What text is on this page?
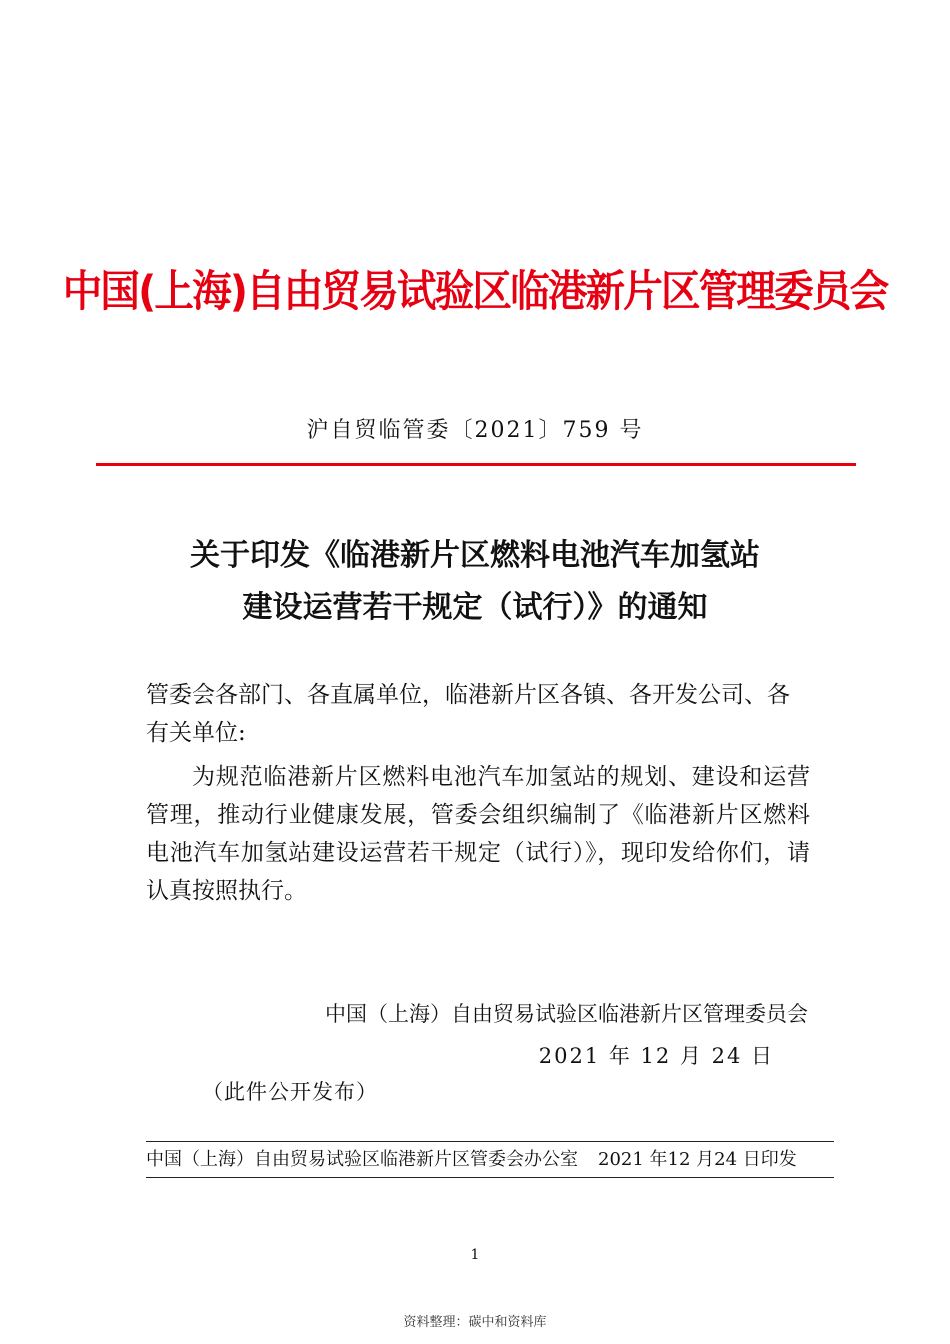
中国(上海)自由贸易试验区临港新片区管理委员会
沪自贸临管委〔2021〕759 号
关于印发《临港新片区燃料电池汽车加氢站
建设运营若干规定（试行）》的通知
管委会各部门、各直属单位，临港新片区各镇、各开发公司、各有关单位:
为规范临港新片区燃料电池汽车加氢站的规划、建设和运营管理，推动行业健康发展，管委会组织编制了《临港新片区燃料电池汽车加氢站建设运营若干规定（试行）》，现印发给你们，请认真按照执行。
中国（上海）自由贸易试验区临港新片区管理委员会
2021 年 12 月 24 日
（此件公开发布）
中国（上海）自由贸易试验区临港新片区管委会办公室 2021 年12 月24 日印发
1
资料整理：碳中和资料库
